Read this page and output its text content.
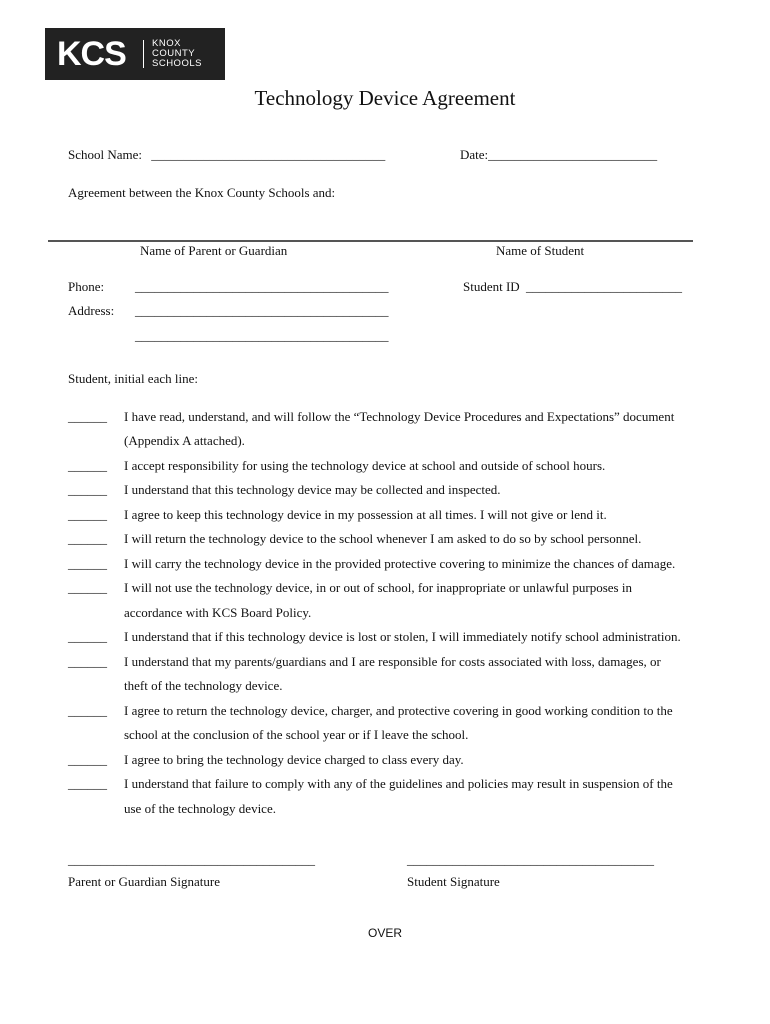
KCS	KNOX
COUNTY
SCHOOLS
Technology Device Agreement
School Name: ____________________________________	Date:__________________________
Agreement between the Knox County Schools and:
Name of Parent or Guardian	Name of Student
Phone: _______________________________________	Student ID ________________________
Address: _______________________________________
_______________________________________
Student, initial each line:
______ I have read, understand, and will follow the “Technology Device Procedures and Expectations” document
(Appendix A attached).
______ I accept responsibility for using the technology device at school and outside of school hours.
______ I understand that this technology device may be collected and inspected.
______ I agree to keep this technology device in my possession at all times. I will not give or lend it.
______ I will return the technology device to the school whenever I am asked to do so by school personnel.
______ I will carry the technology device in the provided protective covering to minimize the chances of damage.
______ I will not use the technology device, in or out of school, for inappropriate or unlawful purposes in
accordance with KCS Board Policy.
______ I understand that if this technology device is lost or stolen, I will immediately notify school administration.
______ I understand that my parents/guardians and I are responsible for costs associated with loss, damages, or
theft of the technology device.
______ I agree to return the technology device, charger, and protective covering in good working condition to the
school at the conclusion of the school year or if I leave the school.
______ I agree to bring the technology device charged to class every day.
______ I understand that failure to comply with any of the guidelines and policies may result in suspension of the
use of the technology device.
______________________________________	______________________________________
Parent or Guardian Signature	Student Signature
OVER
